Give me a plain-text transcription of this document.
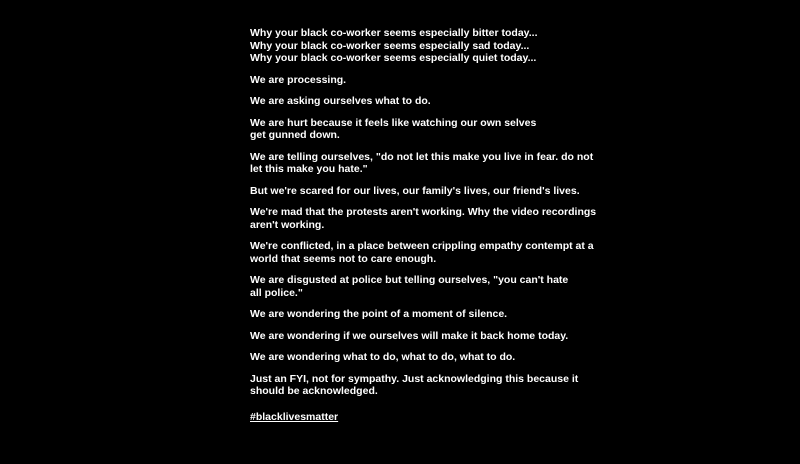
Why your black co-worker seems especially bitter today...
Why your black co-worker seems especially sad today...
Why your black co-worker seems especially quiet today...
We are processing.
We are asking ourselves what to do.
We are hurt because it feels like watching our own selves
get gunned down.
We are telling ourselves, "do not let this make you live in fear. do not
let this make you hate."
But we're scared for our lives, our family's lives, our friend's lives.
We're mad that the protests aren't working. Why the video recordings
aren't working.
We're conflicted, in a place between crippling empathy contempt at a
world that seems not to care enough.
We are disgusted at police but telling ourselves, "you can't hate
all police."
We are wondering the point of a moment of silence.
We are wondering if we ourselves will make it back home today.
We are wondering what to do, what to do, what to do.
Just an FYI, not for sympathy. Just acknowledging this because it
should be acknowledged.
#blacklivesmatter
